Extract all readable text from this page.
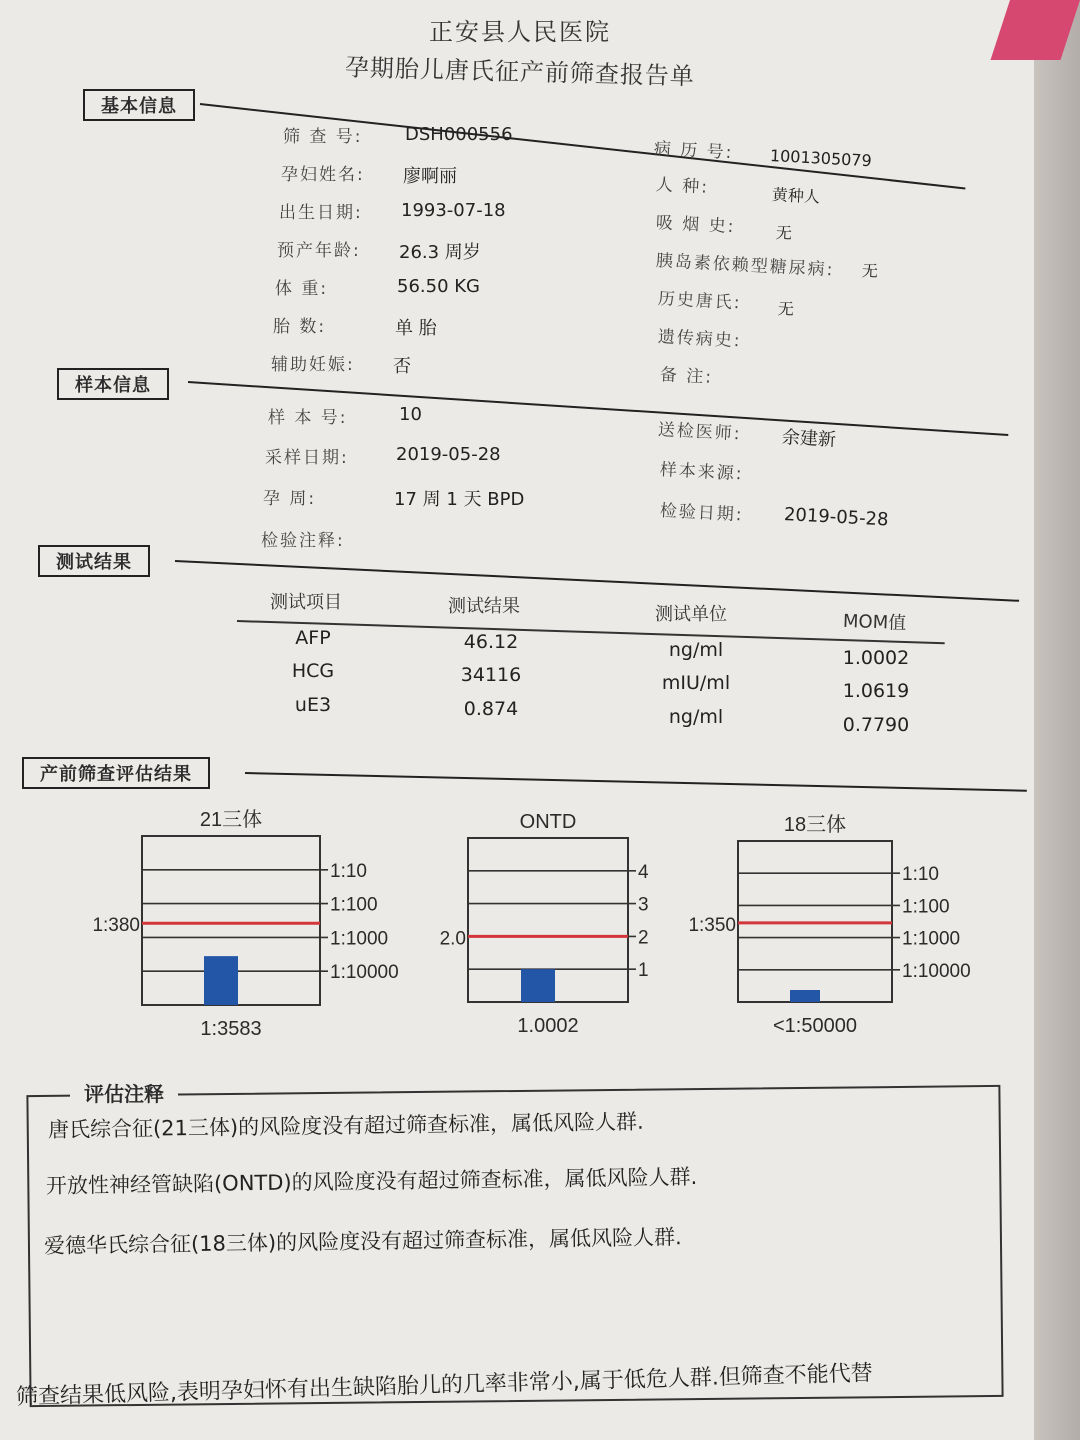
正安县人民医院
孕期胎儿唐氏征产前筛查报告单
基本信息
筛 查 号: DSH000556
孕妇姓名: 廖啊丽
出生日期: 1993-07-18
预产年龄: 26.3 周岁
体 重:	56.50 KG
胎 数:	单 胎
辅助妊娠: 否
病 历 号: 1001305079
人 种:	黄种人
吸 烟 史: 无
胰岛素依赖型糖尿病: 无
历史唐氏: 无
遗传病史:
备 注:
样本信息
样 本 号:	10
采样日期:	2019-05-28
孕 周:	17 周 1 天 BPD
检验注释:
送检医师: 余建新
样本来源:
检验日期: 2019-05-28
测试结果
测试项目	测试结果	测试单位	MOM值
AFP	46.12	ng/ml	1.0002
HCG	34116	mIU/ml	1.0619
uE3	0.874	ng/ml	0.7790
产前筛查评估结果
1:10
1:100
1:1000
1:10000
1:380
21三体
1:3583
4
3
2
1
2.0
ONTD
1.0002
1:10
1:100
1:1000
1:10000
1:350
18三体
<1:50000
评估注释
唐氏综合征(21三体)的风险度没有超过筛查标准，属低风险人群.
开放性神经管缺陷(ONTD)的风险度没有超过筛查标准，属低风险人群.
爱德华氏综合征(18三体)的风险度没有超过筛查标准，属低风险人群.
筛查结果低风险,表明孕妇怀有出生缺陷胎儿的几率非常小,属于低危人群.但筛查不能代替
